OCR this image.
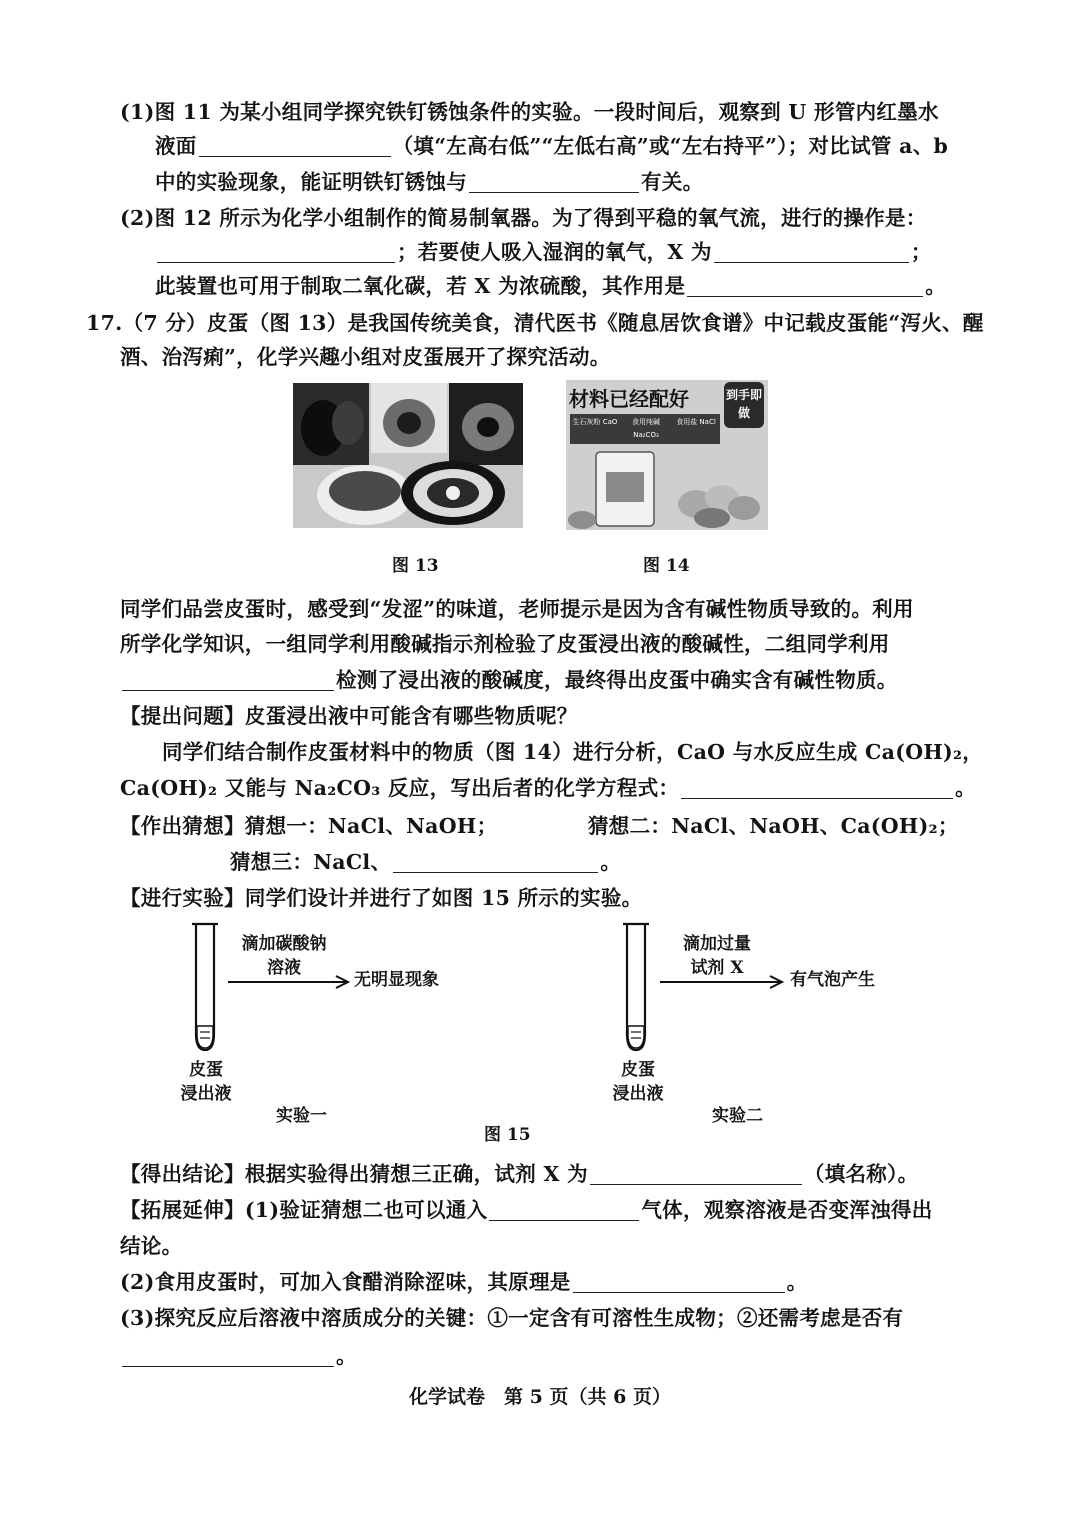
(1)图 11 为某小组同学探究铁钉锈蚀条件的实验。一段时间后，观察到 U 形管内红墨水
液面	（填“左高右低”“左低右高”或“左右持平”）；对比试管 a、b
中的实验现象，能证明铁钉锈蚀与	有关。
(2)图 12 所示为化学小组制作的简易制氧器。为了得到平稳的氧气流，进行的操作是：
；若要使人吸入湿润的氧气，X 为	；
此装置也可用于制取二氧化碳，若 X 为浓硫酸，其作用是	。
17.（7 分）皮蛋（图 13）是我国传统美食，清代医书《随息居饮食谱》中记载皮蛋能“泻火、醒
酒、治泻痢”，化学兴趣小组对皮蛋展开了探究活动。
图 13
材料已经配好	到手即做
生石灰粉 CaO	食用纯碱 Na₂CO₃
食用盐 NaCl
图 14
同学们品尝皮蛋时，感受到“发涩”的味道，老师提示是因为含有碱性物质导致的。利用
所学化学知识，一组同学利用酸碱指示剂检验了皮蛋浸出液的酸碱性，二组同学利用
检测了浸出液的酸碱度，最终得出皮蛋中确实含有碱性物质。
【提出问题】皮蛋浸出液中可能含有哪些物质呢？
同学们结合制作皮蛋材料中的物质（图 14）进行分析，CaO 与水反应生成 Ca(OH)₂，
Ca(OH)₂ 又能与 Na₂CO₃ 反应，写出后者的化学方程式：	。
【作出猜想】猜想一：NaCl、NaOH；	猜想二：NaCl、NaOH、Ca(OH)₂；
猜想三：NaCl、	。
【进行实验】同学们设计并进行了如图 15 所示的实验。
滴加碳酸钠
溶液
无明显现象
皮蛋
浸出液
实验一
滴加过量
试剂 X
有气泡产生
皮蛋
浸出液
实验二
图 15
【得出结论】根据实验得出猜想三正确，试剂 X 为	（填名称）。
【拓展延伸】(1)验证猜想二也可以通入	气体，观察溶液是否变浑浊得出
结论。
(2)食用皮蛋时，可加入食醋消除涩味，其原理是	。
(3)探究反应后溶液中溶质成分的关键：①一定含有可溶性生成物；②还需考虑是否有
。
化学试卷　第 5 页（共 6 页）
